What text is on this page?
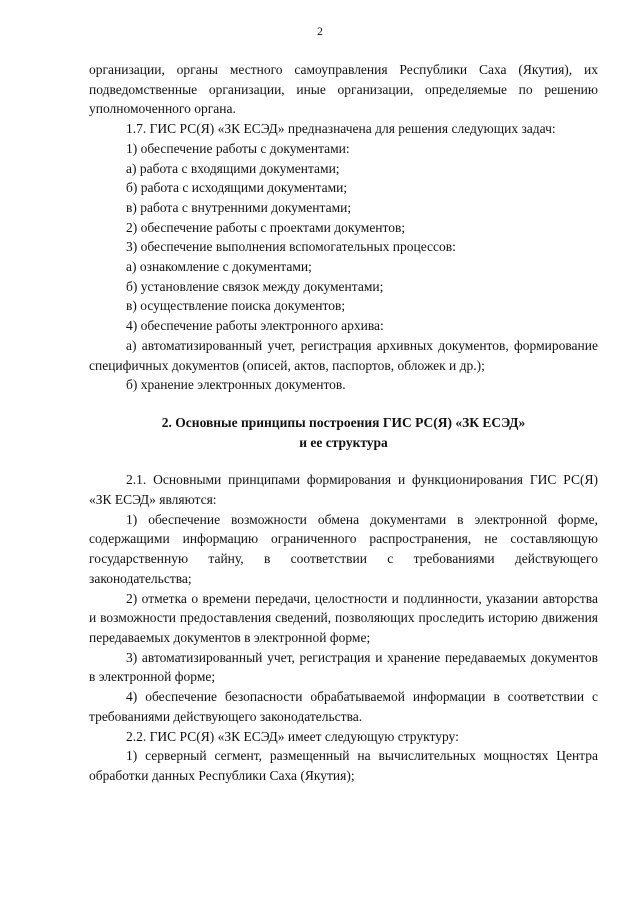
2

организации, органы местного самоуправления Республики Саха (Якутия), их подведомственные организации, иные организации, определяемые по решению уполномоченного органа.

1.7. ГИС РС(Я) «ЗК ЕСЭД» предназначена для решения следующих задач:

1) обеспечение работы с документами:

а) работа с входящими документами;

б) работа с исходящими документами;

в) работа с внутренними документами;

2) обеспечение работы с проектами документов;

3) обеспечение выполнения вспомогательных процессов:

а) ознакомление с документами;

б) установление связок между документами;

в) осуществление поиска документов;

4) обеспечение работы электронного архива:

а) автоматизированный учет, регистрация архивных документов, формирование специфичных документов (описей, актов, паспортов, обложек и др.);

б) хранение электронных документов.

2. Основные принципы построения ГИС РС(Я) «ЗК ЕСЭД»
и ее структура

2.1. Основными принципами формирования и функционирования ГИС РС(Я) «ЗК ЕСЭД» являются:

1) обеспечение возможности обмена документами в электронной форме, содержащими информацию ограниченного распространения, не составляющую государственную тайну, в соответствии с требованиями действующего законодательства;

2) отметка о времени передачи, целостности и подлинности, указании авторства и возможности предоставления сведений, позволяющих проследить историю движения передаваемых документов в электронной форме;

3) автоматизированный учет, регистрация и хранение передаваемых документов в электронной форме;

4) обеспечение безопасности обрабатываемой информации в соответствии с требованиями действующего законодательства.

2.2. ГИС РС(Я) «ЗК ЕСЭД» имеет следующую структуру:

1) серверный сегмент, размещенный на вычислительных мощностях Центра обработки данных Республики Саха (Якутия);
